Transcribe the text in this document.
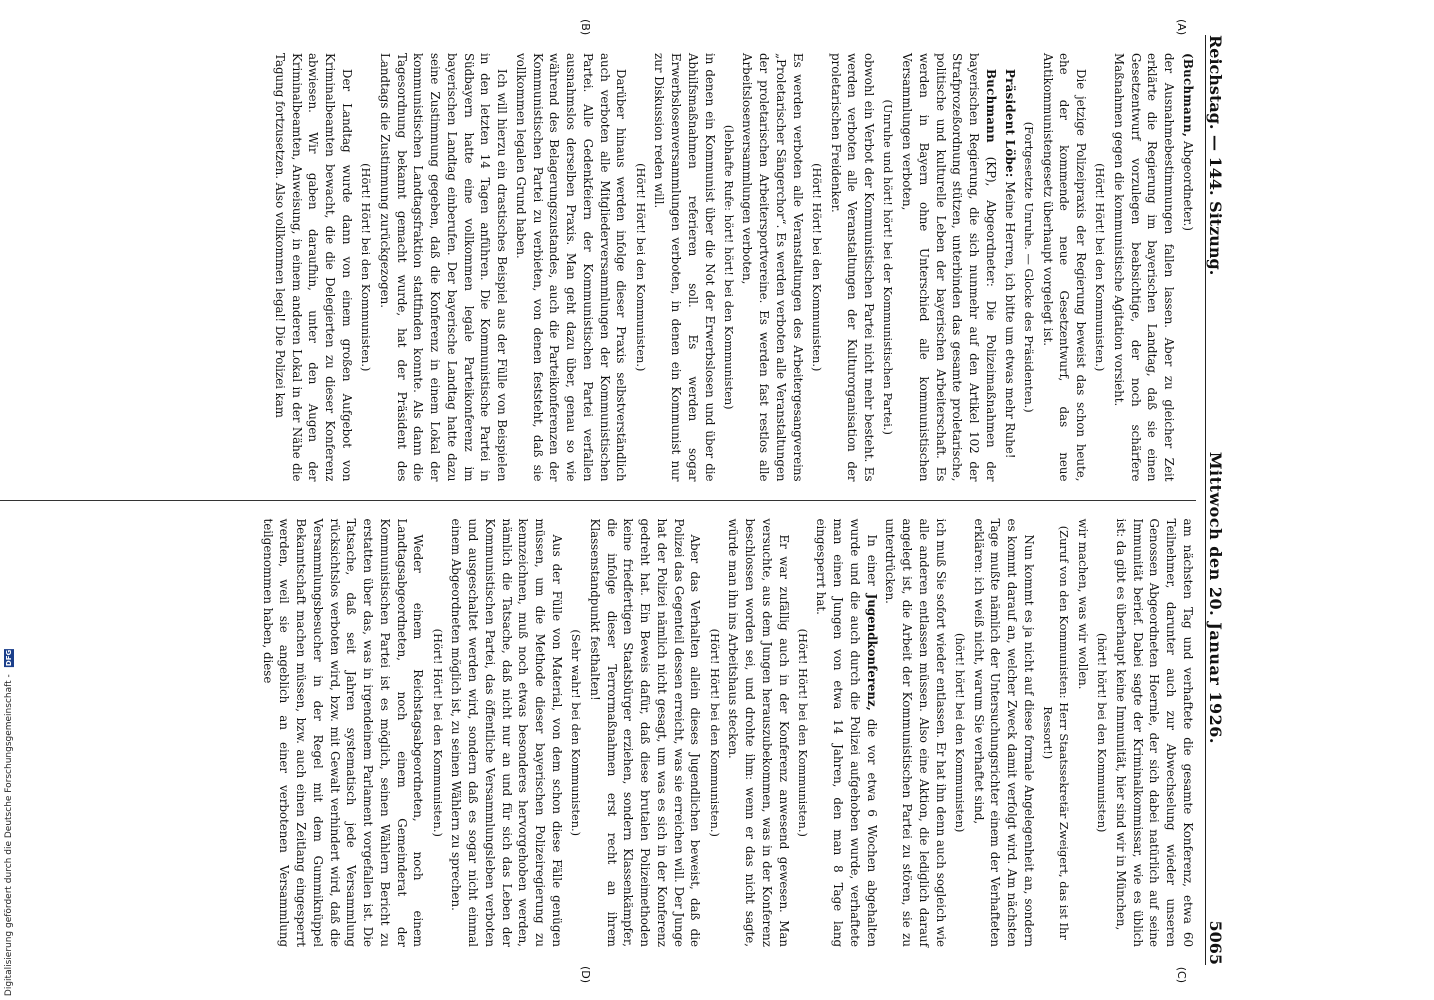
Reichstag. — 144. Sitzung.
Mittwoch den 20. Januar 1926.
5065
(A)
(B)
(C)
(D)

(Buchmann, Abgeordneter.)

der Ausnahmebestimmungen fallen lassen. Aber zu gleicher Zeit erklärte die Regierung im bayerischen Landtag, daß sie einen Gesetzentwurf vorzulegen beabsichtige, der noch schärfere Maßnahmen gegen die kommunistische Agitation vorsieht.

(Hört! Hört! bei den Kommunisten.)

Die jetzige Polizeipraxis der Regierung beweist das schon heute, ehe der kommende neue Gesetzentwurf, das neue Antikommunistengesetz überhaupt vorgelegt ist.

(Fortgesetzte Unruhe. — Glocke des Präsidenten.)

Präsident Löbe: Meine Herren, ich bitte um etwas mehr Ruhe!

Buchmann (KP), Abgeordneter: Die Polizeimaßnahmen der bayerischen Regierung, die sich nunmehr auf den Artikel 102 der Strafprozeßordnung stützen, unterbinden das gesamte proletarische, politische und kulturelle Leben der bayerischen Arbeiterschaft. Es werden in Bayern ohne Unterschied alle kommunistischen Versammlungen verboten,

(Unruhe und hört! hört! bei der Kommunistischen Partei.)

obwohl ein Verbot der Kommunistischen Partei nicht mehr besteht. Es werden verboten alle Veranstaltungen der Kulturorganisation der proletarischen Freidenker.

(Hört! Hört! bei den Kommunisten.)

Es werden verboten alle Veranstaltungen des Arbeitergesangvereins „Proletarischer Sängerchor“. Es werden verboten alle Veranstaltungen der proletarischen Arbeitersportvereine. Es werden fast restlos alle Arbeitslosenversammlungen verboten,

(lebhafte Rufe: hört! hört! bei den Kommunisten)

in denen ein Kommunist über die Not der Erwerbslosen und über die Abhilfsmaßnahmen referieren soll. Es werden sogar Erwerbslosenversammlungen verboten, in denen ein Kommunist nur zur Diskussion reden will.

(Hört! Hört! bei den Kommunisten.)

Darüber hinaus werden infolge dieser Praxis selbstverständlich auch verboten alle Mitgliederversammlungen der Kommunistischen Partei. Alle Gedenkfeiern der Kommunistischen Partei verfallen ausnahmslos derselben Praxis. Man geht dazu über, genau so wie während des Belagerungszustandes, auch die Parteikonferenzen der Kommunistischen Partei zu verbieten, von denen feststeht, daß sie vollkommen legalen Grund haben.

Ich will hierzu ein drastisches Beispiel aus der Fülle von Beispielen in den letzten 14 Tagen anführen. Die Kommunistische Partei in Südbayern hatte eine vollkommen legale Parteikonferenz im bayerischen Landtag einberufen. Der bayerische Landtag hatte dazu seine Zustimmung gegeben, daß die Konferenz in einem Lokal der kommunistischen Landtagsfraktion stattfinden konnte. Als dann die Tagesordnung bekannt gemacht wurde, hat der Präsident des Landtags die Zustimmung zurückgezogen.

(Hört! Hört! bei den Kommunisten.)

Der Landtag wurde dann von einem großen Aufgebot von Kriminalbeamten bewacht, die die Delegierten zu dieser Konferenz abwiesen. Wir gaben daraufhin, unter den Augen der Kriminalbeamten, Anweisung, in einem anderen Lokal in der Nähe die Tagung fortzusetzen. Also vollkommen legal! Die Polizei kam

am nächsten Tag und verhaftete die gesamte Konferenz, etwa 60 Teilnehmer, darunter auch zur Abwechselung wieder unseren Genossen Abgeordneten Hoernle, der sich dabei natürlich auf seine Immunität berief. Dabei sagte der Kriminalkommissar, wie es üblich ist: da gibt es überhaupt keine Immunität, hier sind wir in München,

(hört! hört! bei den Kommunisten)

wir machen, was wir wollen.

(Zuruf von den Kommunisten: Herr Staatssekretär Zweigert, das ist Ihr Ressort!)

Nun kommt es ja nicht auf diese formale Angelegenheit an, sondern es kommt darauf an, welcher Zweck damit verfolgt wird. Am nächsten Tage mußte nämlich der Untersuchungsrichter einem der Verhafteten erklären: ich weiß nicht, warum Sie verhaftet sind,

(hört! hört! bei den Kommunisten)

ich muß Sie sofort wieder entlassen. Er hat ihn denn auch sogleich wie alle anderen entlassen müssen. Also eine Aktion, die lediglich darauf angelegt ist, die Arbeit der Kommunistischen Partei zu stören, sie zu unterdrücken.

In einer Jugendkonferenz, die vor etwa 6 Wochen abgehalten wurde und die auch durch die Polizei aufgehoben wurde, verhaftete man einen Jungen von etwa 14 Jahren, den man 8 Tage lang eingesperrt hat.

(Hört! Hört! bei den Kommunisten.)

Er war zufällig auch in der Konferenz anwesend gewesen. Man versuchte, aus dem Jungen herauszubekommen, was in der Konferenz beschlossen worden sei, und drohte ihm: wenn er das nicht sagte, würde man ihn ins Arbeitshaus stecken.

(Hört! Hört! bei den Kommunisten.)

Aber das Verhalten allein dieses Jugendlichen beweist, daß die Polizei das Gegenteil dessen erreicht, was sie erreichen will. Der Junge hat der Polizei nämlich nicht gesagt, um was es sich in der Konferenz gedreht hat. Ein Beweis dafür, daß diese brutalen Polizeimethoden keine friedfertigen Staatsbürger erziehen, sondern Klassenkämpfer, die infolge dieser Terrormaßnahmen erst recht an ihrem Klassenstandpunkt festhalten!

(Sehr wahr! bei den Kommunisten.)

Aus der Fülle von Material, von dem schon diese Fälle genügen müssen, um die Methode dieser bayerischen Polizeiregierung zu kennzeichnen, muß noch etwas besonderes hervorgehoben werden, nämlich die Tatsache, daß nicht nur an und für sich das Leben der Kommunistischen Partei, das öffentliche Versammlungsleben verboten und ausgeschaltet werden wird, sondern daß es sogar nicht einmal einem Abgeordneten möglich ist, zu seinen Wählern zu sprechen.

(Hört! Hört! bei den Kommunisten.)

Weder einem Reichstagsabgeordneten, noch einem Landtagsabgeordneten, noch einem Gemeinderat der Kommunistischen Partei ist es möglich, seinen Wählern Bericht zu erstatten über das, was in irgendeinem Parlament vorgefallen ist. Die Tatsache, daß seit Jahren systematisch jede Versammlung rücksichtslos verboten wird, bzw. mit Gewalt verhindert wird, daß die Versammlungsbesucher in der Regel mit dem Gummiknüppel Bekanntschaft machen müssen, bzw. auch einen Zeitlang eingesperrt werden, weil sie angeblich an einer verbotenen Versammlung teilgenommen haben, diese

Digitalisierung gefördert durch die Deutsche Forschungsgemeinschaft - DFG
